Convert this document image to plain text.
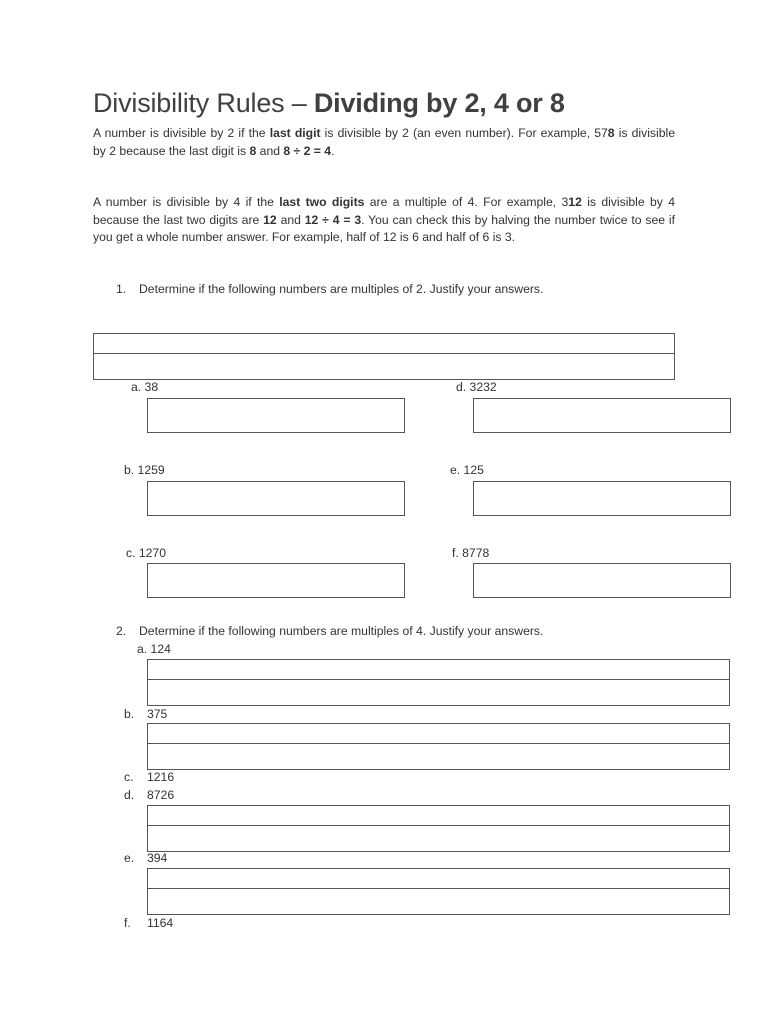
Divisibility Rules – Dividing by 2, 4 or 8
A number is divisible by 2 if the last digit is divisible by 2 (an even number). For example, 578 is divisible by 2 because the last digit is 8 and 8 ÷ 2 = 4.
A number is divisible by 4 if the last two digits are a multiple of 4. For example, 312 is divisible by 4 because the last two digits are 12 and 12 ÷ 4 = 3. You can check this by halving the number twice to see if you get a whole number answer. For example, half of 12 is 6 and half of 6 is 3.
1. Determine if the following numbers are multiples of 2. Justify your answers.
a. 38	d. 3232
b. 1259	e. 125
c. 1270	f. 8778
2. Determine if the following numbers are multiples of 4. Justify your answers.
a. 124
b. 375
c. 1216
d. 8726
e. 394
f. 1164
